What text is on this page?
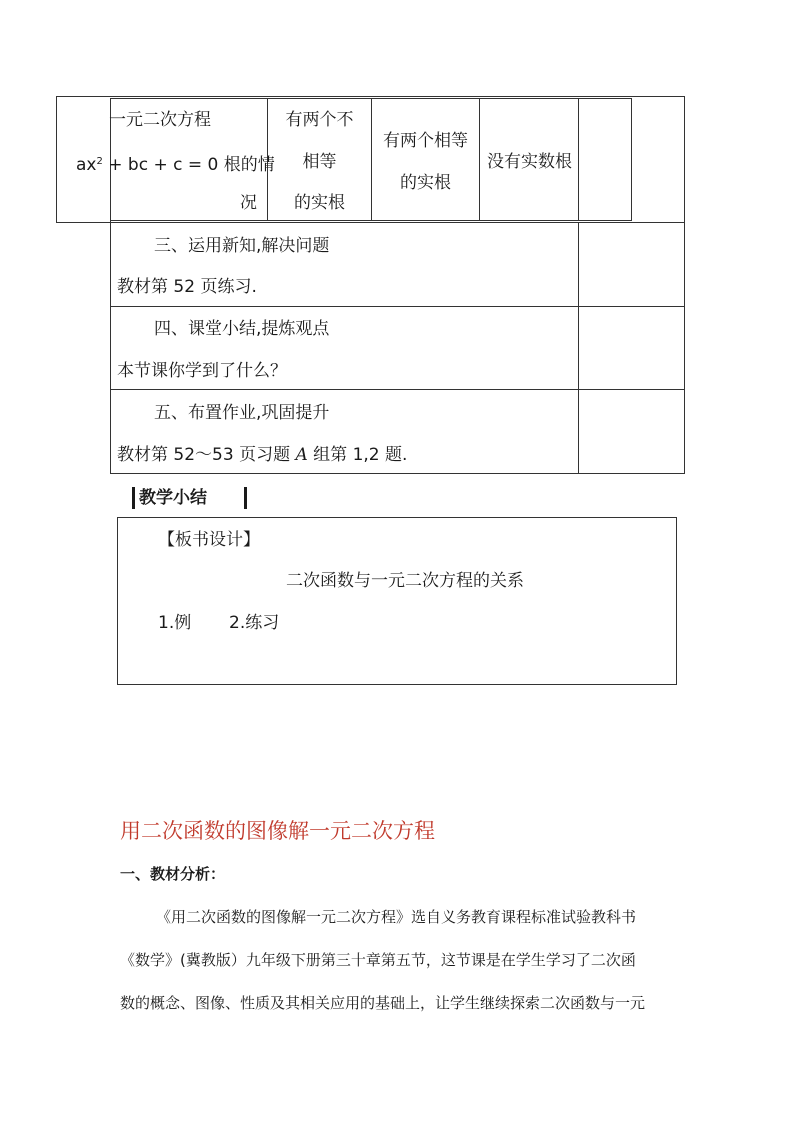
一元二次方程
$ax^2$ + bc + c = 0 根的情
况
有两个不
相等
的实根
有两个相等
的实根
没有实数根
三、运用新知,解决问题
教材第 52 页练习.
四、课堂小结,提炼观点
本节课你学到了什么？
五、布置作业,巩固提升
教材第 52～53 页习题 A 组第 1,2 题.
教学小结
【板书设计】
二次函数与一元二次方程的关系
1.例 2.练习
用二次函数的图像解一元二次方程
一、教材分析：
《用二次函数的图像解一元二次方程》选自义务教育课程标准试验教科书
《数学》(冀教版）九年级下册第三十章第五节，这节课是在学生学习了二次函
数的概念、图像、性质及其相关应用的基础上，让学生继续探索二次函数与一元
